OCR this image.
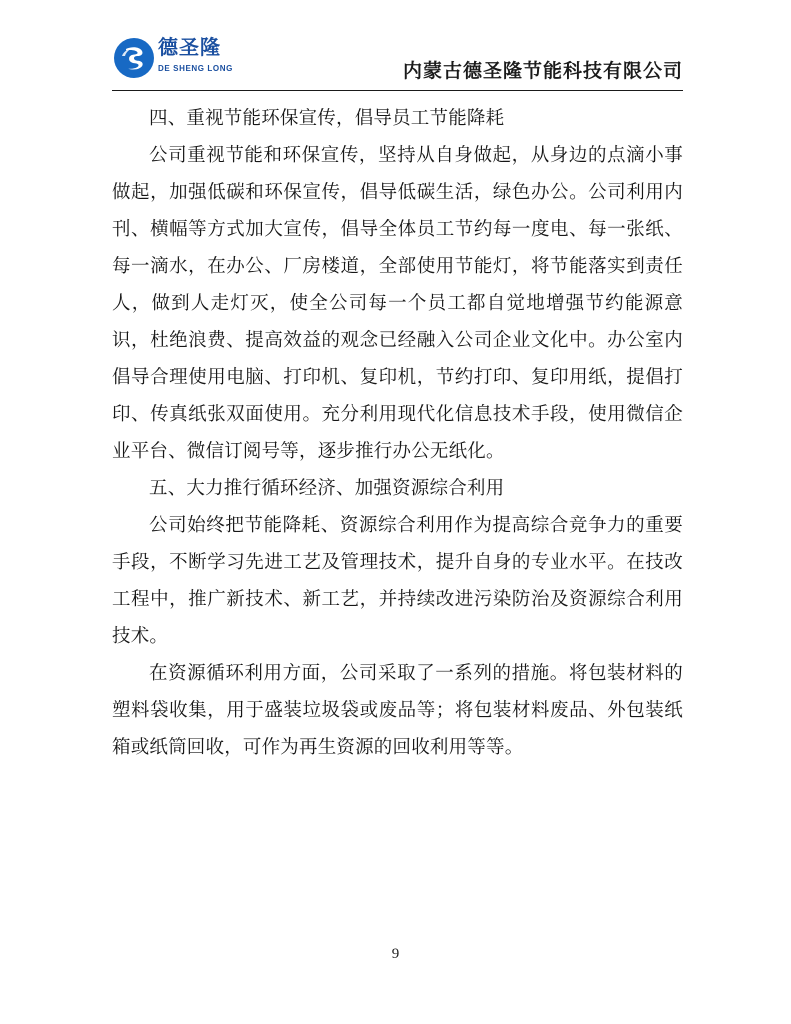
德圣隆
DE SHENG LONG	内蒙古德圣隆节能科技有限公司

四、重视节能环保宣传，倡导员工节能降耗

公司重视节能和环保宣传，坚持从自身做起，从身边的点滴小事做起，加强低碳和环保宣传，倡导低碳生活，绿色办公。公司利用内刊、横幅等方式加大宣传，倡导全体员工节约每一度电、每一张纸、每一滴水，在办公、厂房楼道，全部使用节能灯，将节能落实到责任人，做到人走灯灭，使全公司每一个员工都自觉地增强节约能源意识，杜绝浪费、提高效益的观念已经融入公司企业文化中。办公室内倡导合理使用电脑、打印机、复印机，节约打印、复印用纸，提倡打印、传真纸张双面使用。充分利用现代化信息技术手段，使用微信企业平台、微信订阅号等，逐步推行办公无纸化。

五、大力推行循环经济、加强资源综合利用

公司始终把节能降耗、资源综合利用作为提高综合竞争力的重要手段，不断学习先进工艺及管理技术，提升自身的专业水平。在技改工程中，推广新技术、新工艺，并持续改进污染防治及资源综合利用技术。

在资源循环利用方面，公司采取了一系列的措施。将包装材料的塑料袋收集，用于盛装垃圾袋或废品等；将包装材料废品、外包装纸箱或纸筒回收，可作为再生资源的回收利用等等。

9
